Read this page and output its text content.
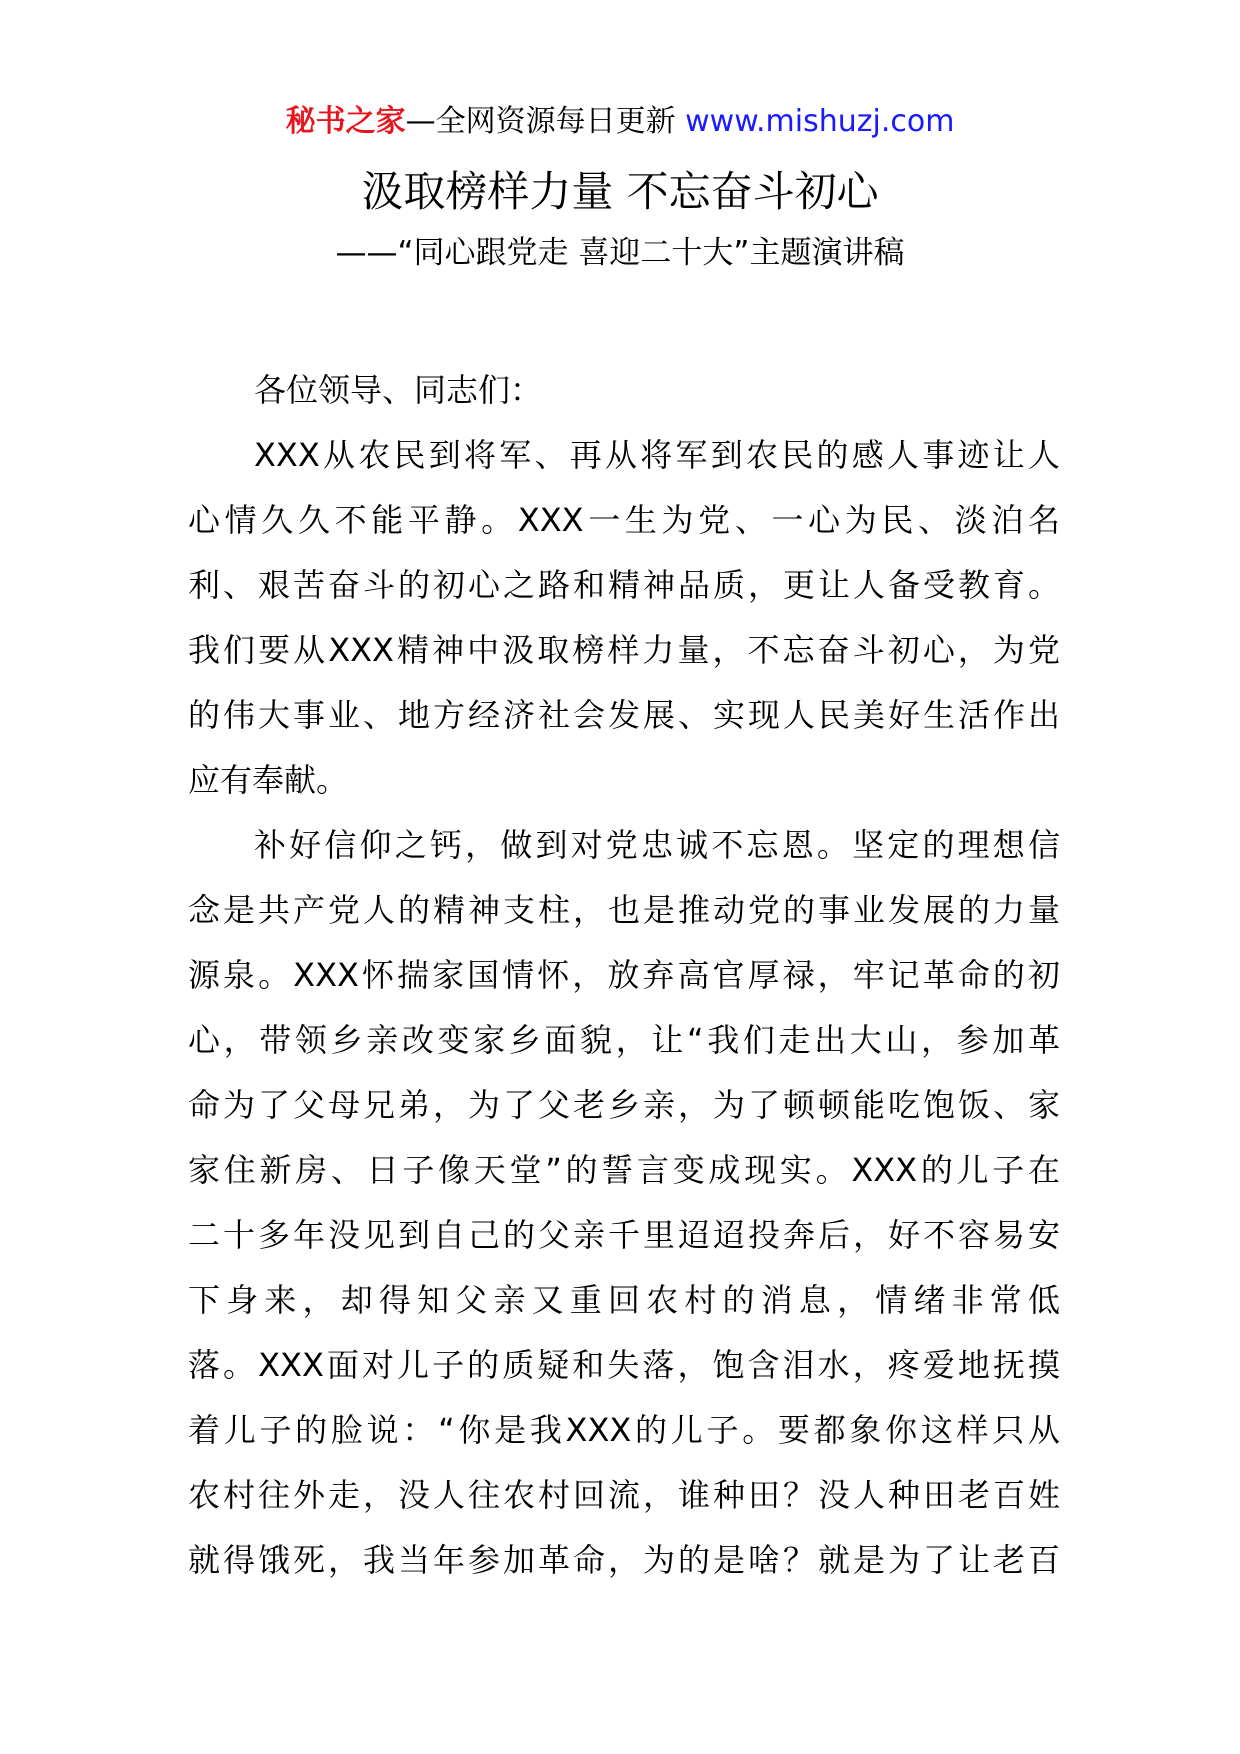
秘书之家—全网资源每日更新 www.mishuzj.com
汲取榜样力量 不忘奋斗初心
——“同心跟党走 喜迎二十大”主题演讲稿
各位领导、同志们：
XXX从农民到将军、再从将军到农民的感人事迹让人
心情久久不能平静。XXX一生为党、一心为民、淡泊名
利、艰苦奋斗的初心之路和精神品质，更让人备受教育。
我们要从XXX精神中汲取榜样力量，不忘奋斗初心，为党
的伟大事业、地方经济社会发展、实现人民美好生活作出
应有奉献。
补好信仰之钙，做到对党忠诚不忘恩。坚定的理想信
念是共产党人的精神支柱，也是推动党的事业发展的力量
源泉。XXX怀揣家国情怀，放弃高官厚禄，牢记革命的初
心，带领乡亲改变家乡面貌，让“我们走出大山，参加革
命为了父母兄弟，为了父老乡亲，为了顿顿能吃饱饭、家
家住新房、日子像天堂”的誓言变成现实。XXX的儿子在
二十多年没见到自己的父亲千里迢迢投奔后，好不容易安
下身来，却得知父亲又重回农村的消息，情绪非常低
落。XXX面对儿子的质疑和失落，饱含泪水，疼爱地抚摸
着儿子的脸说：“你是我XXX的儿子。要都象你这样只从
农村往外走，没人往农村回流，谁种田？没人种田老百姓
就得饿死，我当年参加革命，为的是啥？就是为了让老百
